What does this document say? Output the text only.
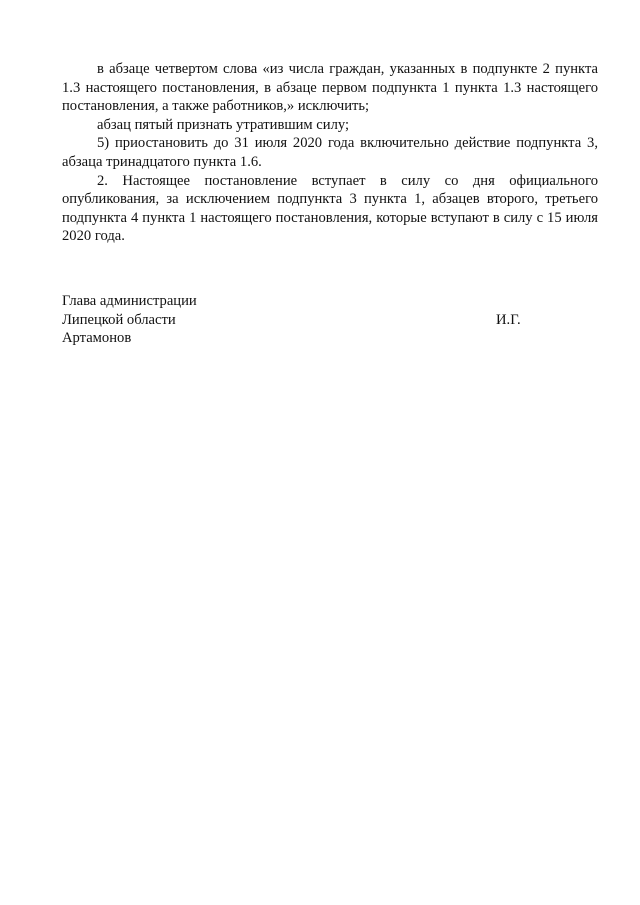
в абзаце четвертом слова «из числа граждан, указанных в подпункте 2 пункта 1.3 настоящего постановления, в абзаце первом подпункта 1 пункта 1.3 настоящего постановления, а также работников,» исключить;

абзац пятый признать утратившим силу;

5) приостановить до 31 июля 2020 года включительно действие подпункта 3, абзаца тринадцатого пункта 1.6.

2. Настоящее постановление вступает в силу со дня официального опубликования, за исключением подпункта 3 пункта 1, абзацев второго, третьего подпункта 4 пункта 1 настоящего постановления, которые вступают в силу с 15 июля 2020 года.

Глава администрации

Липецкой области	И.Г.

Артамонов
